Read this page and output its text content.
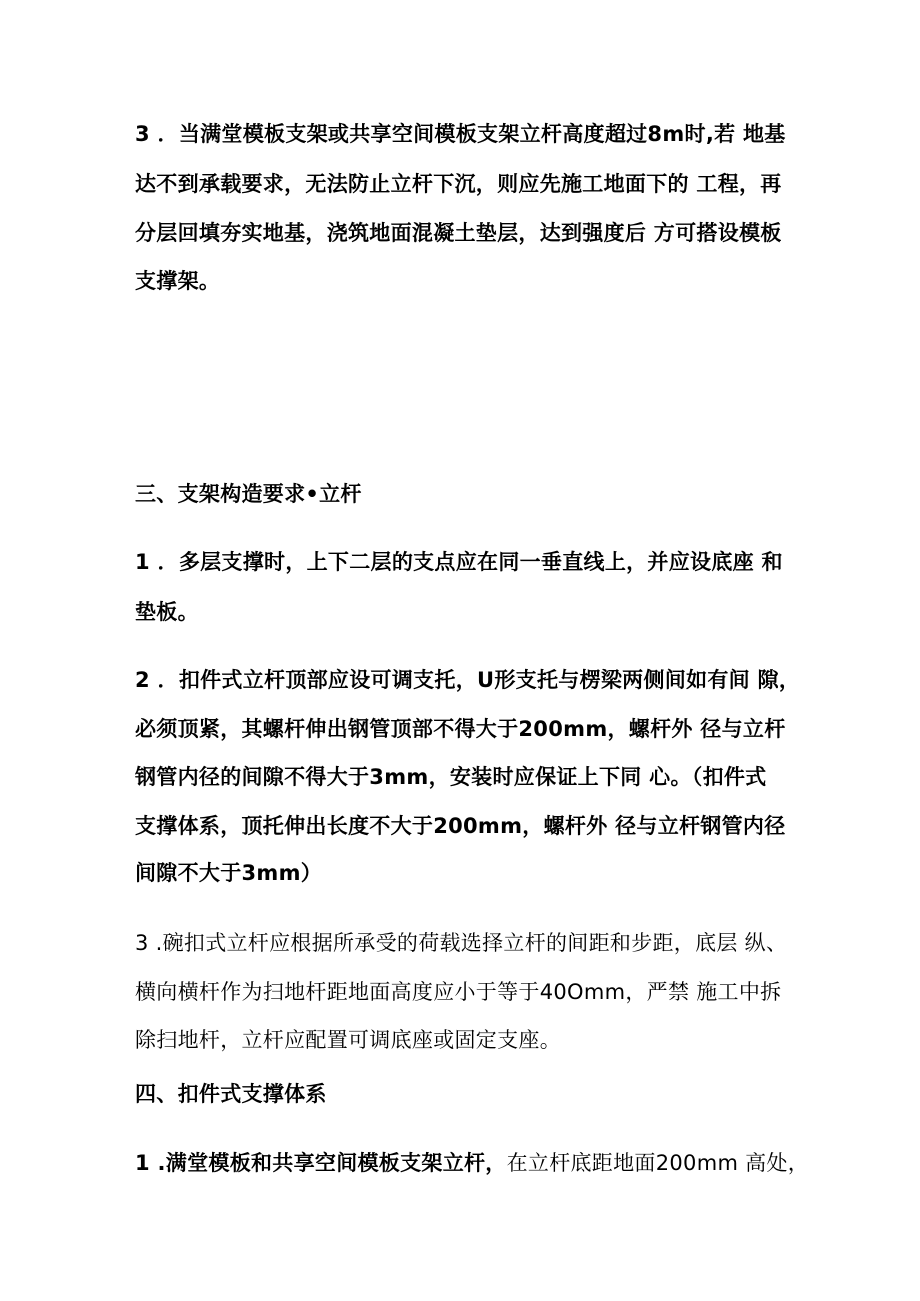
3 ．当满堂模板支架或共享空间模板支架立杆高度超过8m时,若 地基
达不到承载要求，无法防止立杆下沉，则应先施工地面下的 工程，再
分层回填夯实地基，浇筑地面混凝土垫层，达到强度后 方可搭设模板
支撑架。
三、支架构造要求•立杆
1 ．多层支撑时，上下二层的支点应在同一垂直线上，并应设底座 和
垫板。
2 ．扣件式立杆顶部应设可调支托，U形支托与楞梁两侧间如有间 隙，
必须顶紧，其螺杆伸出钢管顶部不得大于200mm，螺杆外 径与立杆
钢管内径的间隙不得大于3mm，安装时应保证上下同 心。（扣件式
支撑体系，顶托伸出长度不大于200mm，螺杆外 径与立杆钢管内径
间隙不大于3mm）
3 .碗扣式立杆应根据所承受的荷载选择立杆的间距和步距，底层 纵、
横向横杆作为扫地杆距地面高度应小于等于40Omm，严禁 施工中拆
除扫地杆，立杆应配置可调底座或固定支座。
四、扣件式支撑体系
1 .满堂模板和共享空间模板支架立杆，在立杆底距地面200mm 高处，
